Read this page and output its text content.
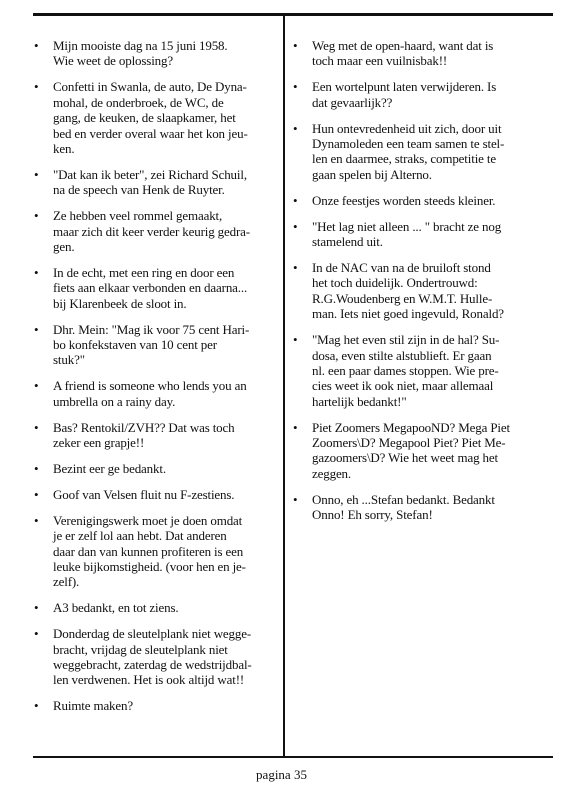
• Mijn mooiste dag na 15 juni 1958.
Wie weet de oplossing?
• Confetti in Swanla, de auto, De Dyna-
mohal, de onderbroek, de WC, de
gang, de keuken, de slaapkamer, het
bed en verder overal waar het kon jeu-
ken.
• "Dat kan ik beter", zei Richard Schuil,
na de speech van Henk de Ruyter.
• Ze hebben veel rommel gemaakt,
maar zich dit keer verder keurig gedra-
gen.
• In de echt, met een ring en door een
fiets aan elkaar verbonden en daarna...
bij Klarenbeek de sloot in.
• Dhr. Mein: "Mag ik voor 75 cent Hari-
bo konfekstaven van 10 cent per
stuk?"
• A friend is someone who lends you an
umbrella on a rainy day.
• Bas? Rentokil/ZVH?? Dat was toch
zeker een grapje!!
• Bezint eer ge bedankt.
• Goof van Velsen fluit nu F-zestiens.
• Verenigingswerk moet je doen omdat
je er zelf lol aan hebt. Dat anderen
daar dan van kunnen profiteren is een
leuke bijkomstigheid. (voor hen en je-
zelf).
• A3 bedankt, en tot ziens.
• Donderdag de sleutelplank niet wegge-
bracht, vrijdag de sleutelplank niet
weggebracht, zaterdag de wedstrijdbal-
len verdwenen. Het is ook altijd wat!!
• Ruimte maken?
• Weg met de open-haard, want dat is
toch maar een vuilnisbak!!
• Een wortelpunt laten verwijderen. Is
dat gevaarlijk??
• Hun ontevredenheid uit zich, door uit
Dynamoleden een team samen te stel-
len en daarmee, straks, competitie te
gaan spelen bij Alterno.
• Onze feestjes worden steeds kleiner.
• "Het lag niet alleen ... " bracht ze nog
stamelend uit.
• In de NAC van na de bruiloft stond
het toch duidelijk. Ondertrouwd:
R.G.Woudenberg en W.M.T. Hulle-
man. Iets niet goed ingevuld, Ronald?
• "Mag het even stil zijn in de hal? Su-
dosa, even stilte alstublieft. Er gaan
nl. een paar dames stoppen. Wie pre-
cies weet ik ook niet, maar allemaal
hartelijk bedankt!"
• Piet Zoomers MegapooND? Mega Piet
Zoomers\D? Megapool Piet? Piet Me-
gazoomers\D? Wie het weet mag het
zeggen.
• Onno, eh ...Stefan bedankt. Bedankt
Onno! Eh sorry, Stefan!
pagina 35
